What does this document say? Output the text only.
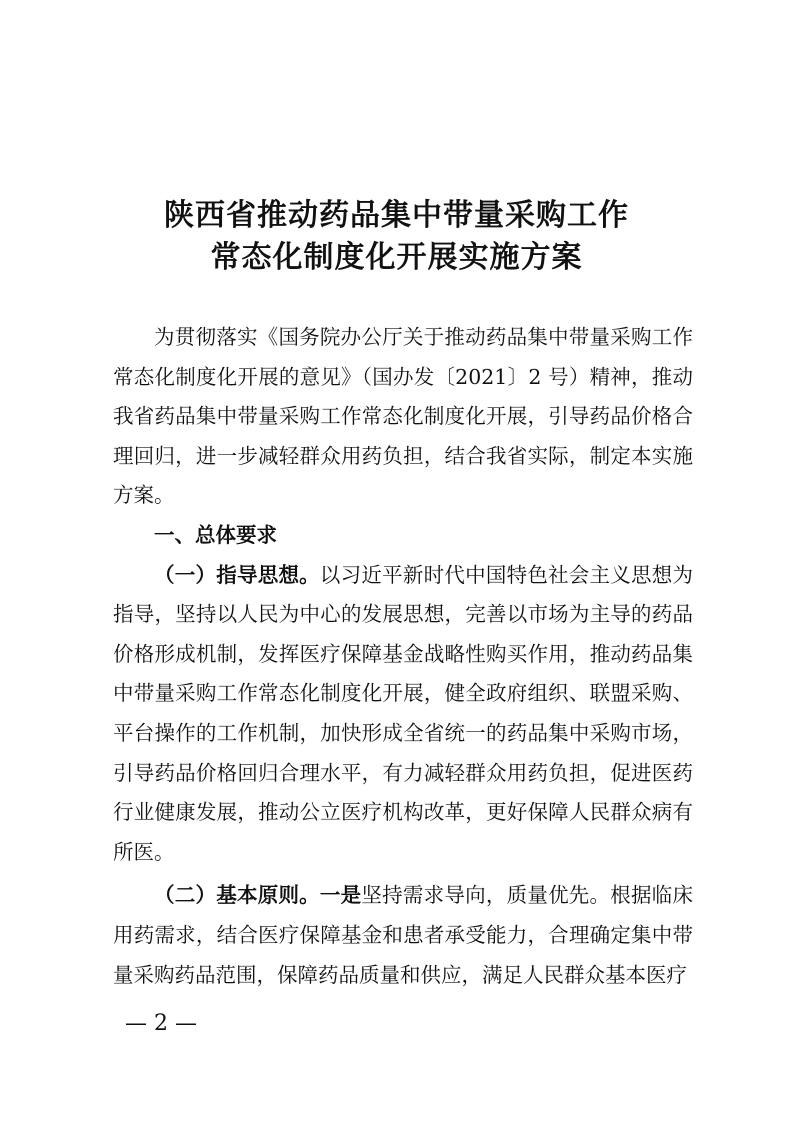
陕西省推动药品集中带量采购工作
常态化制度化开展实施方案

为贯彻落实《国务院办公厅关于推动药品集中带量采购工作常态化制度化开展的意见》（国办发〔2021〕2 号）精神，推动我省药品集中带量采购工作常态化制度化开展，引导药品价格合理回归，进一步减轻群众用药负担，结合我省实际，制定本实施方案。

一、总体要求

（一）指导思想。以习近平新时代中国特色社会主义思想为指导，坚持以人民为中心的发展思想，完善以市场为主导的药品价格形成机制，发挥医疗保障基金战略性购买作用，推动药品集中带量采购工作常态化制度化开展，健全政府组织、联盟采购、平台操作的工作机制，加快形成全省统一的药品集中采购市场，引导药品价格回归合理水平，有力减轻群众用药负担，促进医药行业健康发展，推动公立医疗机构改革，更好保障人民群众病有所医。

（二）基本原则。一是坚持需求导向，质量优先。根据临床用药需求，结合医疗保障基金和患者承受能力，合理确定集中带量采购药品范围，保障药品质量和供应，满足人民群众基本医疗

— 2 —
